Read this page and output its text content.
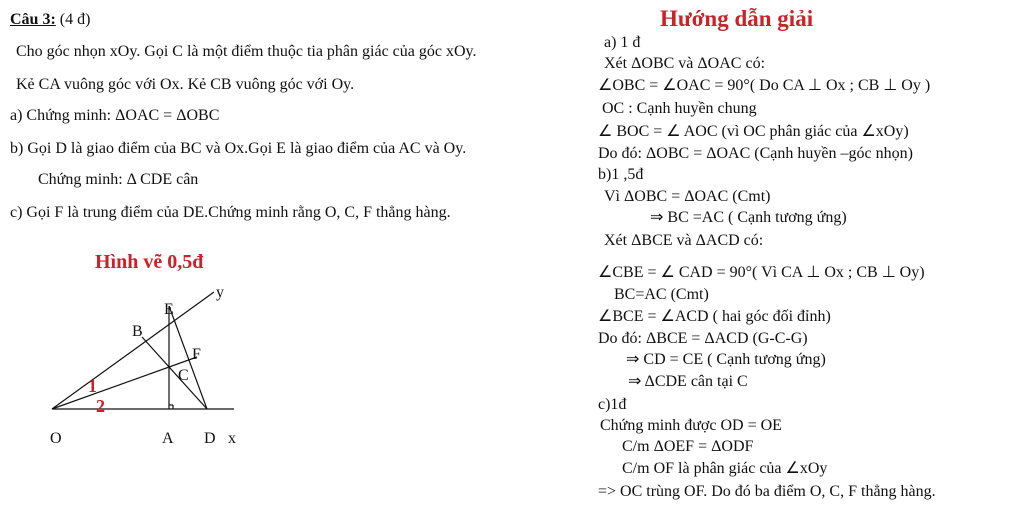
Câu 3: (4 đ)
Cho góc nhọn xOy. Gọi C là một điểm thuộc tia phân giác của góc xOy.
Kẻ CA vuông góc với Ox. Kẻ CB vuông góc với Oy.
a) Chứng minh: ΔOAC = ΔOBC
b) Gọi D là giao điểm của BC và Ox.Gọi E là giao điểm của AC và Oy.
Chứng minh: Δ CDE cân
c) Gọi F là trung điểm của DE.Chứng minh rằng O, C, F thẳng hàng.
Hình vẽ 0,5đ
y
E
B
F
C
1
2
O	A D x
Hướng dẫn giải
a) 1 đ
Xét ΔOBC và ΔOAC có:
∠OBC = ∠OAC = 90°( Do CA ⊥ Ox ; CB ⊥ Oy )
OC : Cạnh huyền chung
∠ BOC = ∠ AOC (vì OC phân giác của ∠xOy)
Do đó: ΔOBC = ΔOAC (Cạnh huyền –góc nhọn)
b)1 ,5đ
Vì ΔOBC = ΔOAC (Cmt)
⇒ BC =AC ( Cạnh tương ứng)
Xét ΔBCE và ΔACD có:
∠CBE = ∠ CAD = 90°( Vì CA ⊥ Ox ; CB ⊥ Oy)
BC=AC (Cmt)
∠BCE = ∠ACD ( hai góc đối đỉnh)
Do đó: ΔBCE = ΔACD (G-C-G)
⇒ CD = CE ( Cạnh tương ứng)
⇒ ΔCDE cân tại C
c)1đ
Chứng minh được OD = OE
C/m ΔOEF = ΔODF
C/m OF là phân giác của ∠xOy
=> OC trùng OF. Do đó ba điểm O, C, F thẳng hàng.
